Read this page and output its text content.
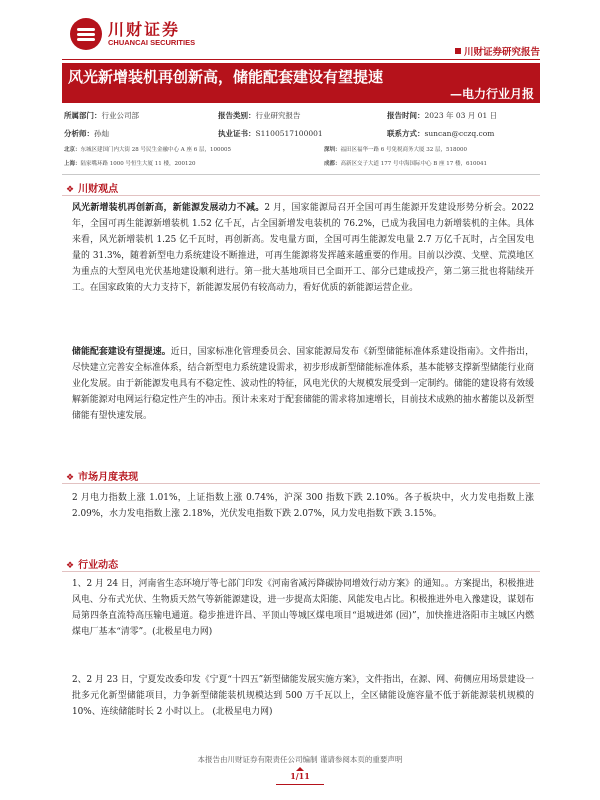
川财证券
CHUANCAI SECURITIES
川财证券研究报告
风光新增装机再创新高，储能配套建设有望提速
—电力行业月报
所属部门：行业公司部	报告类别：行业研究报告	报告时间：2023 年 03 月 01 日
分析师：孙灿	执业证书：S1100517100001	联系方式：suncan@cczq.com
北京：东城区建国门内大街 28 号民生金融中心 A 座 6 层，100005	深圳：福田区福华一路 6 号免税商务大厦 32 层，518000
上海：陆家嘴环路 1000 号恒生大厦 11 楼，200120	成都：高新区交子大道 177 号中海国际中心 B 座 17 楼，610041
❖ 川财观点
风光新增装机再创新高，新能源发展动力不减。2 月，国家能源局召开全国可再生能源开发建设形势分析会。2022 年，全国可再生能源新增装机 1.52 亿千瓦，占全国新增发电装机的 76.2%，已成为我国电力新增装机的主体。具体来看，风光新增装机 1.25 亿千瓦时，再创新高。发电量方面，全国可再生能源发电量 2.7 万亿千瓦时，占全国发电量的 31.3%，随着新型电力系统建设不断推进，可再生能源将发挥越来越重要的作用。目前以沙漠、戈壁、荒漠地区为重点的大型风电光伏基地建设顺利进行。第一批大基地项目已全面开工、部分已建成投产，第二第三批也将陆续开工。在国家政策的大力支持下，新能源发展仍有较高动力，看好优质的新能源运营企业。
储能配套建设有望提速。近日，国家标准化管理委员会、国家能源局发布《新型储能标准体系建设指南》。文件指出，尽快建立完善安全标准体系，结合新型电力系统建设需求，初步形成新型储能标准体系，基本能够支撑新型储能行业商业化发展。由于新能源发电具有不稳定性、波动性的特征，风电光伏的大规模发展受到一定制约。储能的建设将有效缓解新能源对电网运行稳定性产生的冲击。预计未来对于配套储能的需求将加速增长，目前技术成熟的抽水蓄能以及新型储能有望快速发展。
❖ 市场月度表现
2 月电力指数上涨 1.01%，上证指数上涨 0.74%，沪深 300 指数下跌 2.10%。各子板块中，火力发电指数上涨 2.09%，水力发电指数上涨 2.18%，光伏发电指数下跌 2.07%，风力发电指数下跌 3.15%。
❖ 行业动态
1、2 月 24 日，河南省生态环境厅等七部门印发《河南省减污降碳协同增效行动方案》的通知。。方案提出，积极推进风电、分布式光伏、生物质天然气等新能源建设，进一步提高太阳能、风能发电占比。积极推进外电入豫建设，谋划布局第四条直流特高压输电通道。稳步推进许昌、平顶山等城区煤电项目“退城进郊 (园)”，加快推进洛阳市主城区内燃煤电厂基本“清零”。(北极星电力网)
2、2 月 23 日，宁夏发改委印发《宁夏“十四五”新型储能发展实施方案》，文件指出，在源、网、荷侧应用场景建设一批多元化新型储能项目，力争新型储能装机规模达到 500 万千瓦以上，全区储能设施容量不低于新能源装机规模的 10%、连续储能时长 2 小时以上。 (北极星电力网)
本报告由川财证券有限责任公司编制 谨请参阅本页的重要声明
1/11
